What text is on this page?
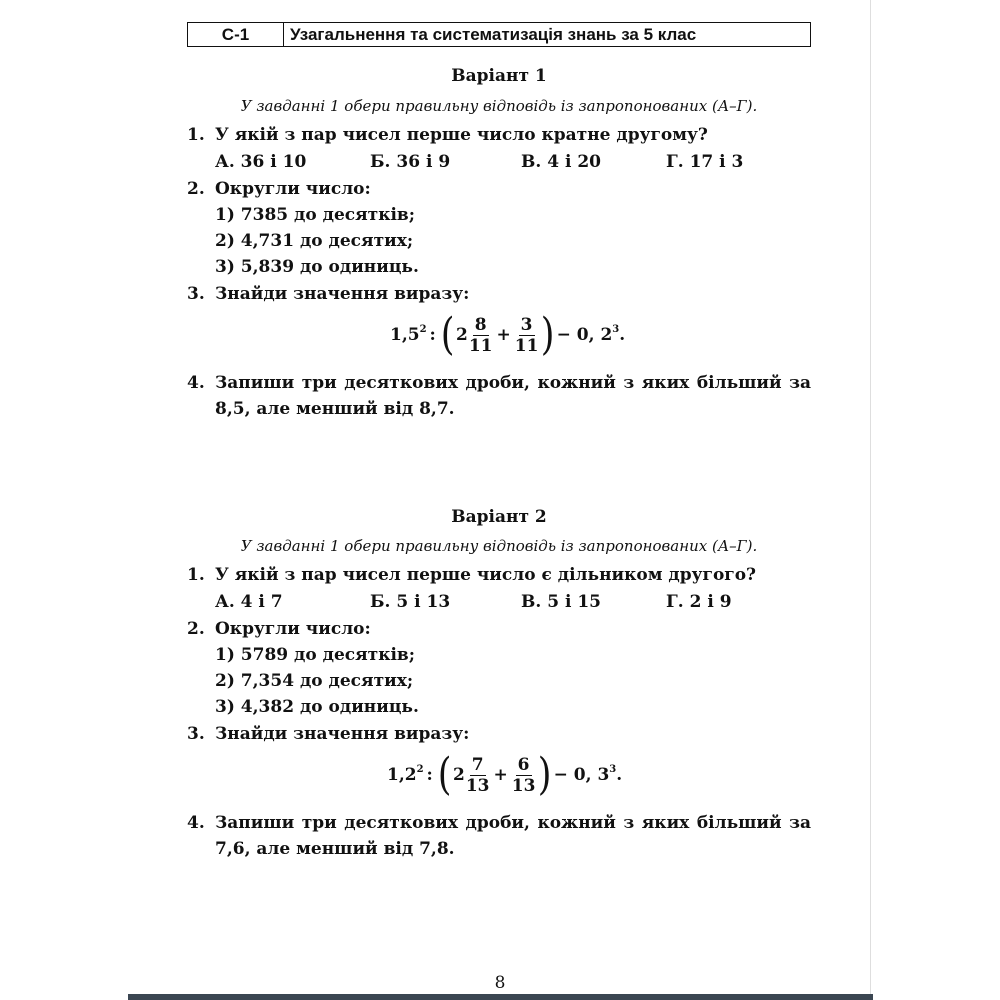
С-1	Узагальнення та систематизація знань за 5 клас
Варіант 1
У завданні 1 обери правильну відповідь із запропонованих (А–Г).
1. У якій з пар чисел перше число кратне другому?
А. 36 і 10	Б. 36 і 9	В. 4 і 20	Г. 17 і 3
2. Округли число:
1) 7385 до десятків;
2) 4,731 до десятих;
3) 5,839 до одиниць.
3. Знайди значення виразу:
$1,5^2$ : ( $2 \frac{8}{11} + \frac{3}{11}$ ) − 0, $2^3$ .
4. Запиши три десяткових дроби, кожний з яких більший за
8,5, але менший від 8,7.
Варіант 2
У завданні 1 обери правильну відповідь із запропонованих (А–Г).
1. У якій з пар чисел перше число є дільником другого?
А. 4 і 7	Б. 5 і 13	В. 5 і 15	Г. 2 і 9
2. Округли число:
1) 5789 до десятків;
2) 7,354 до десятих;
3) 4,382 до одиниць.
3. Знайди значення виразу:
$1,2^2$ : ( $2 \frac{7}{13} + \frac{6}{13}$ ) − 0, $3^3$ .
4. Запиши три десяткових дроби, кожний з яких більший за
7,6, але менший від 7,8.
8
